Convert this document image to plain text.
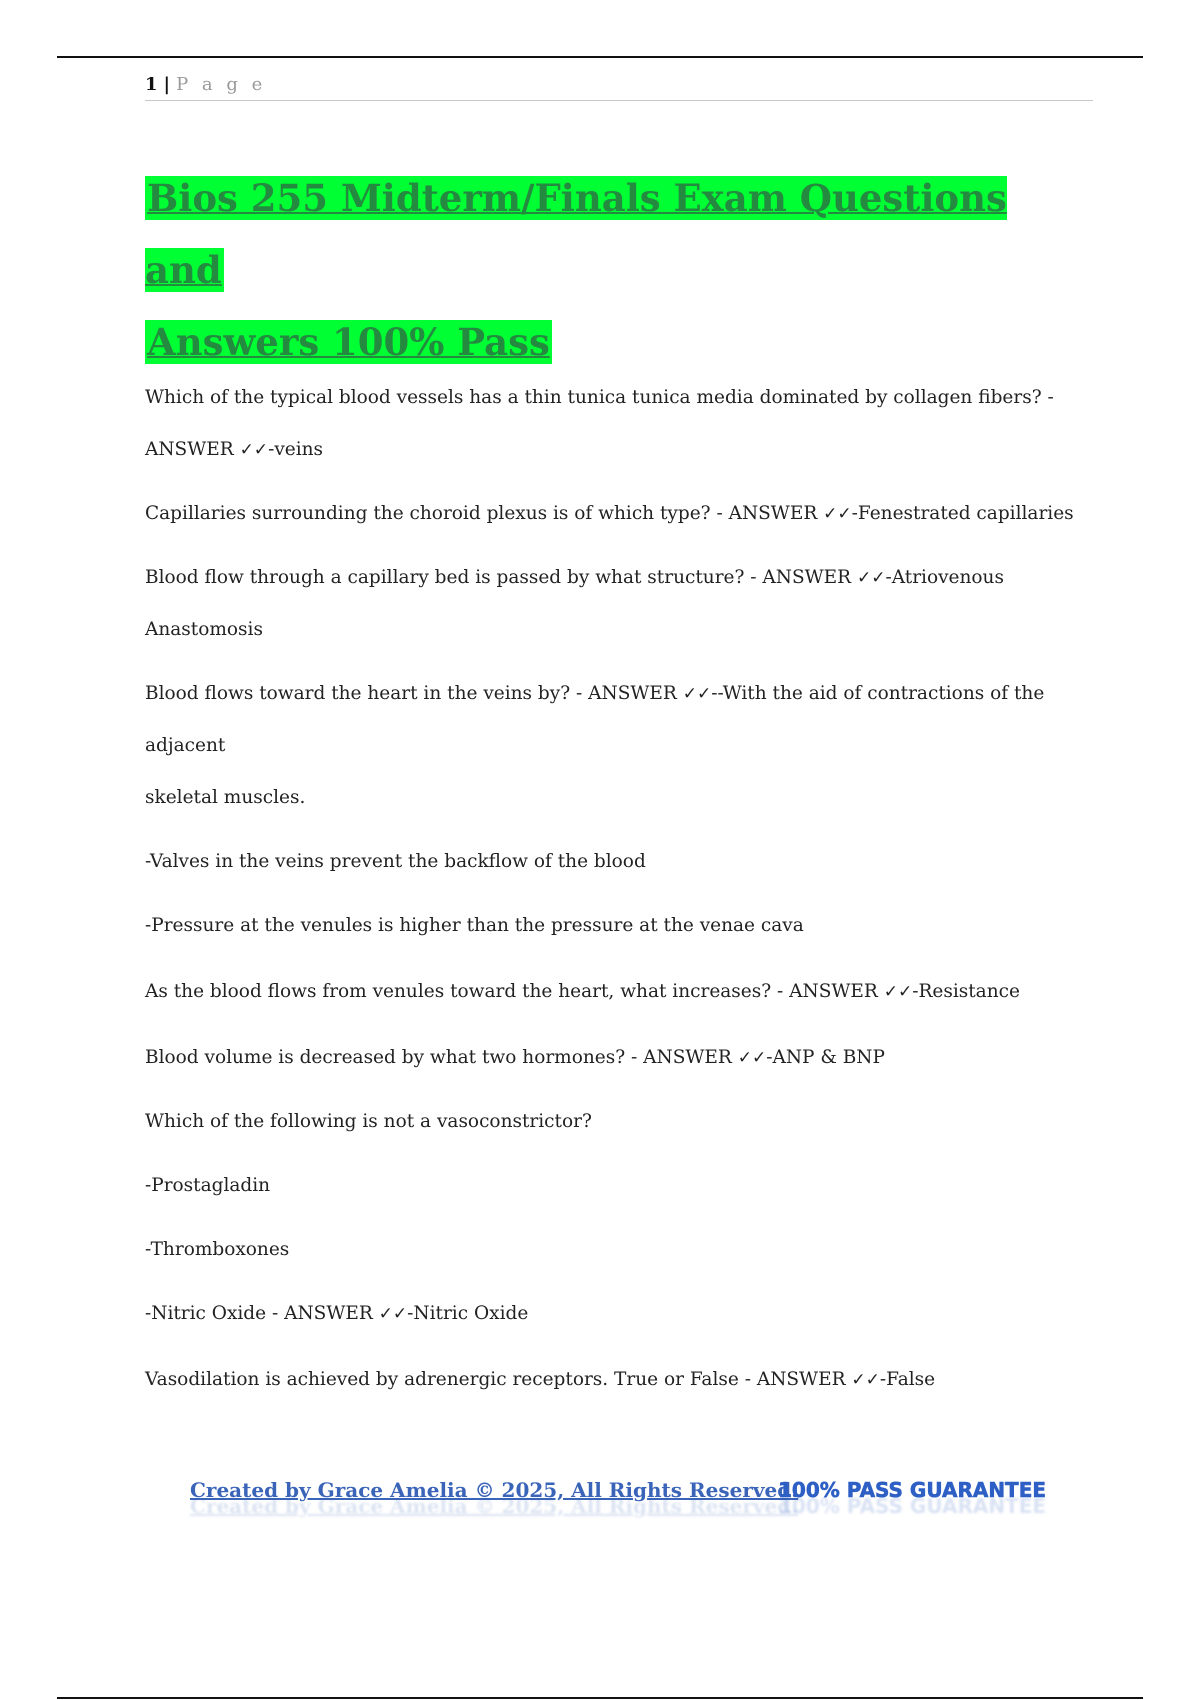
1 | P a g e
Bios 255 Midterm/Finals Exam Questions and
Answers 100% Pass

Which of the typical blood vessels has a thin tunica tunica media dominated by collagen fibers? -

ANSWER ✓✓-veins

Capillaries surrounding the choroid plexus is of which type? - ANSWER ✓✓-Fenestrated capillaries

Blood flow through a capillary bed is passed by what structure? - ANSWER ✓✓-Atriovenous

Anastomosis

Blood flows toward the heart in the veins by? - ANSWER ✓✓--With the aid of contractions of the adjacent

skeletal muscles.

-Valves in the veins prevent the backflow of the blood

-Pressure at the venules is higher than the pressure at the venae cava

As the blood flows from venules toward the heart, what increases? - ANSWER ✓✓-Resistance

Blood volume is decreased by what two hormones? - ANSWER ✓✓-ANP & BNP

Which of the following is not a vasoconstrictor?

-Prostagladin

-Thromboxones

-Nitric Oxide - ANSWER ✓✓-Nitric Oxide

Vasodilation is achieved by adrenergic receptors. True or False - ANSWER ✓✓-False

Created by Grace Amelia © 2025, All Rights Reserved.
100% PASS GUARANTEE
